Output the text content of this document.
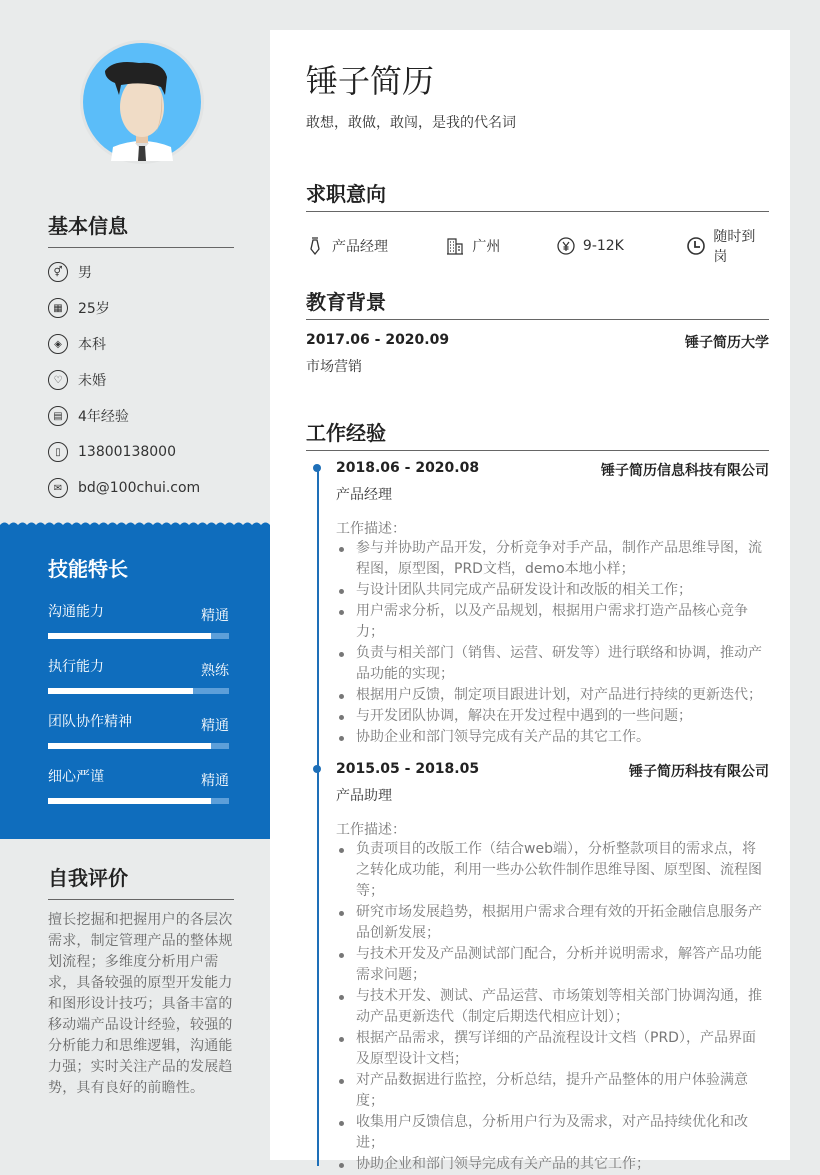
基本信息
⚥	男
▦	25岁
◈	本科
♡	未婚
▤	4年经验
▯	13800138000
✉	bd@100chui.com
技能特长
沟通能力	精通
执行能力	熟练
团队协作精神	精通
细心严谨	精通
自我评价
擅长挖掘和把握用户的各层次需求，制定管理产品的整体规划流程；多维度分析用户需求，具备较强的原型开发能力和图形设计技巧；具备丰富的移动端产品设计经验，较强的分析能力和思维逻辑，沟通能力强；实时关注产品的发展趋势，具有良好的前瞻性。
锤子简历
敢想，敢做，敢闯，是我的代名词
求职意向
产品经理	广州	9-12K
随时到岗
教育背景
2017.06 - 2020.09	锤子简历大学
市场营销
工作经验
2018.06 - 2020.08	锤子简历信息科技有限公司
产品经理
工作描述：
参与并协助产品开发，分析竞争对手产品，制作产品思维导图，流程图，原型图，PRD文档，demo本地小样；
与设计团队共同完成产品研发设计和改版的相关工作；
用户需求分析，以及产品规划，根据用户需求打造产品核心竞争力；
负责与相关部门（销售、运营、研发等）进行联络和协调，推动产品功能的实现；
根据用户反馈，制定项目跟进计划，对产品进行持续的更新迭代；
与开发团队协调，解决在开发过程中遇到的一些问题；
协助企业和部门领导完成有关产品的其它工作。
2015.05 - 2018.05	锤子简历科技有限公司
产品助理
工作描述：
负责项目的改版工作（结合web端），分析整款项目的需求点，将之转化成功能，利用一些办公软件制作思维导图、原型图、流程图等；
研究市场发展趋势，根据用户需求合理有效的开拓金融信息服务产品创新发展；
与技术开发及产品测试部门配合，分析并说明需求，解答产品功能需求问题；
与技术开发、测试、产品运营、市场策划等相关部门协调沟通，推动产品更新迭代（制定后期迭代相应计划）；
根据产品需求，撰写详细的产品流程设计文档（PRD），产品界面及原型设计文档；
对产品数据进行监控，分析总结，提升产品整体的用户体验满意度；
收集用户反馈信息，分析用户行为及需求，对产品持续优化和改进；
协助企业和部门领导完成有关产品的其它工作；
